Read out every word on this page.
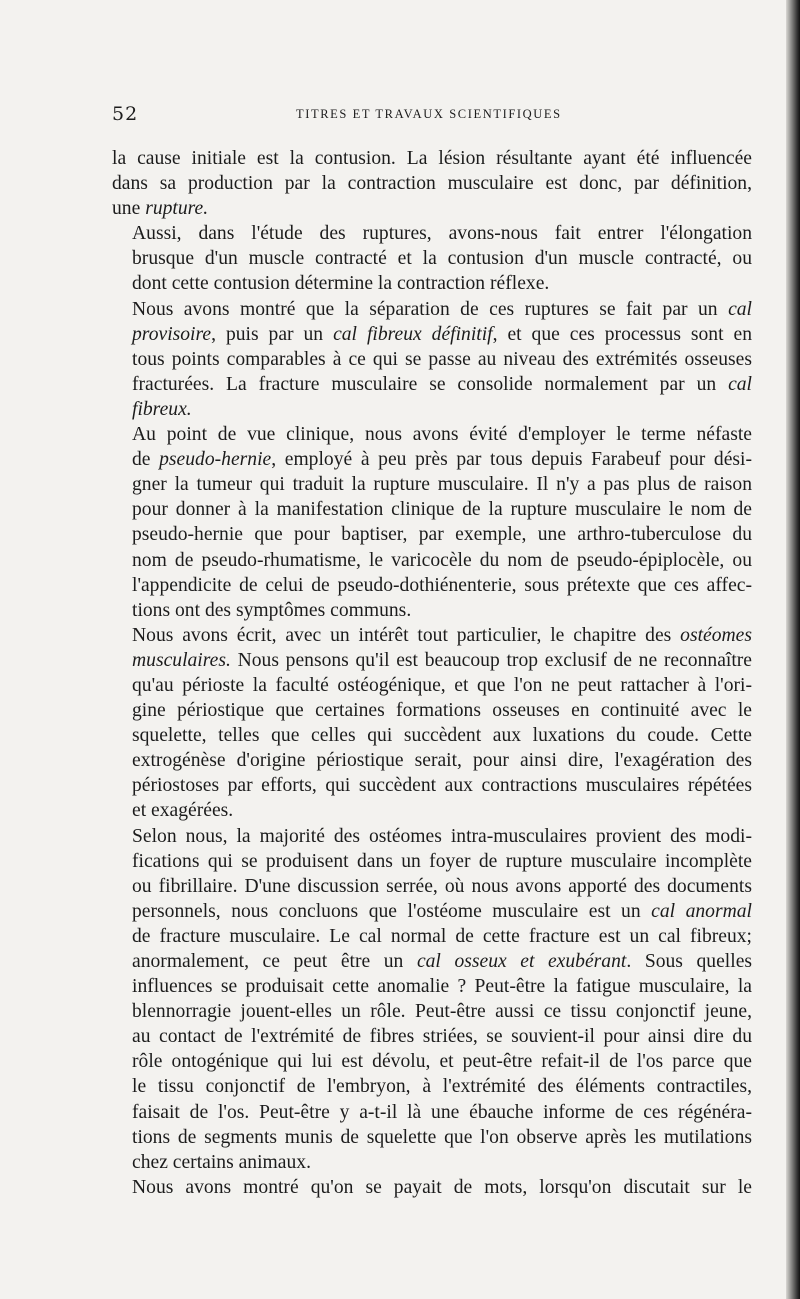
52	TITRES ET TRAVAUX SCIENTIFIQUES

la cause initiale est la contusion. La lésion résultante ayant été influencée
dans sa production par la contraction musculaire est donc, par définition,
une rupture.

Aussi, dans l'étude des ruptures, avons-nous fait entrer l'élongation
brusque d'un muscle contracté et la contusion d'un muscle contracté, ou
dont cette contusion détermine la contraction réflexe.

Nous avons montré que la séparation de ces ruptures se fait par un cal
provisoire, puis par un cal fibreux définitif, et que ces processus sont en
tous points comparables à ce qui se passe au niveau des extrémités osseuses
fracturées. La fracture musculaire se consolide normalement par un cal
fibreux.

Au point de vue clinique, nous avons évité d'employer le terme néfaste
de pseudo-hernie, employé à peu près par tous depuis Farabeuf pour dési-
gner la tumeur qui traduit la rupture musculaire. Il n'y a pas plus de raison
pour donner à la manifestation clinique de la rupture musculaire le nom de
pseudo-hernie que pour baptiser, par exemple, une arthro-tuberculose du
nom de pseudo-rhumatisme, le varicocèle du nom de pseudo-épiplocèle, ou
l'appendicite de celui de pseudo-dothiénenterie, sous prétexte que ces affec-
tions ont des symptômes communs.

Nous avons écrit, avec un intérêt tout particulier, le chapitre des ostéomes
musculaires. Nous pensons qu'il est beaucoup trop exclusif de ne reconnaître
qu'au périoste la faculté ostéogénique, et que l'on ne peut rattacher à l'ori-
gine périostique que certaines formations osseuses en continuité avec le
squelette, telles que celles qui succèdent aux luxations du coude. Cette
extrogénèse d'origine périostique serait, pour ainsi dire, l'exagération des
périostoses par efforts, qui succèdent aux contractions musculaires répétées
et exagérées.

Selon nous, la majorité des ostéomes intra-musculaires provient des modi-
fications qui se produisent dans un foyer de rupture musculaire incomplète
ou fibrillaire. D'une discussion serrée, où nous avons apporté des documents
personnels, nous concluons que l'ostéome musculaire est un cal anormal
de fracture musculaire. Le cal normal de cette fracture est un cal fibreux;
anormalement, ce peut être un cal osseux et exubérant. Sous quelles
influences se produisait cette anomalie ? Peut-être la fatigue musculaire, la
blennorragie jouent-elles un rôle. Peut-être aussi ce tissu conjonctif jeune,
au contact de l'extrémité de fibres striées, se souvient-il pour ainsi dire du
rôle ontogénique qui lui est dévolu, et peut-être refait-il de l'os parce que
le tissu conjonctif de l'embryon, à l'extrémité des éléments contractiles,
faisait de l'os. Peut-être y a-t-il là une ébauche informe de ces régénéra-
tions de segments munis de squelette que l'on observe après les mutilations
chez certains animaux.

Nous avons montré qu'on se payait de mots, lorsqu'on discutait sur le
